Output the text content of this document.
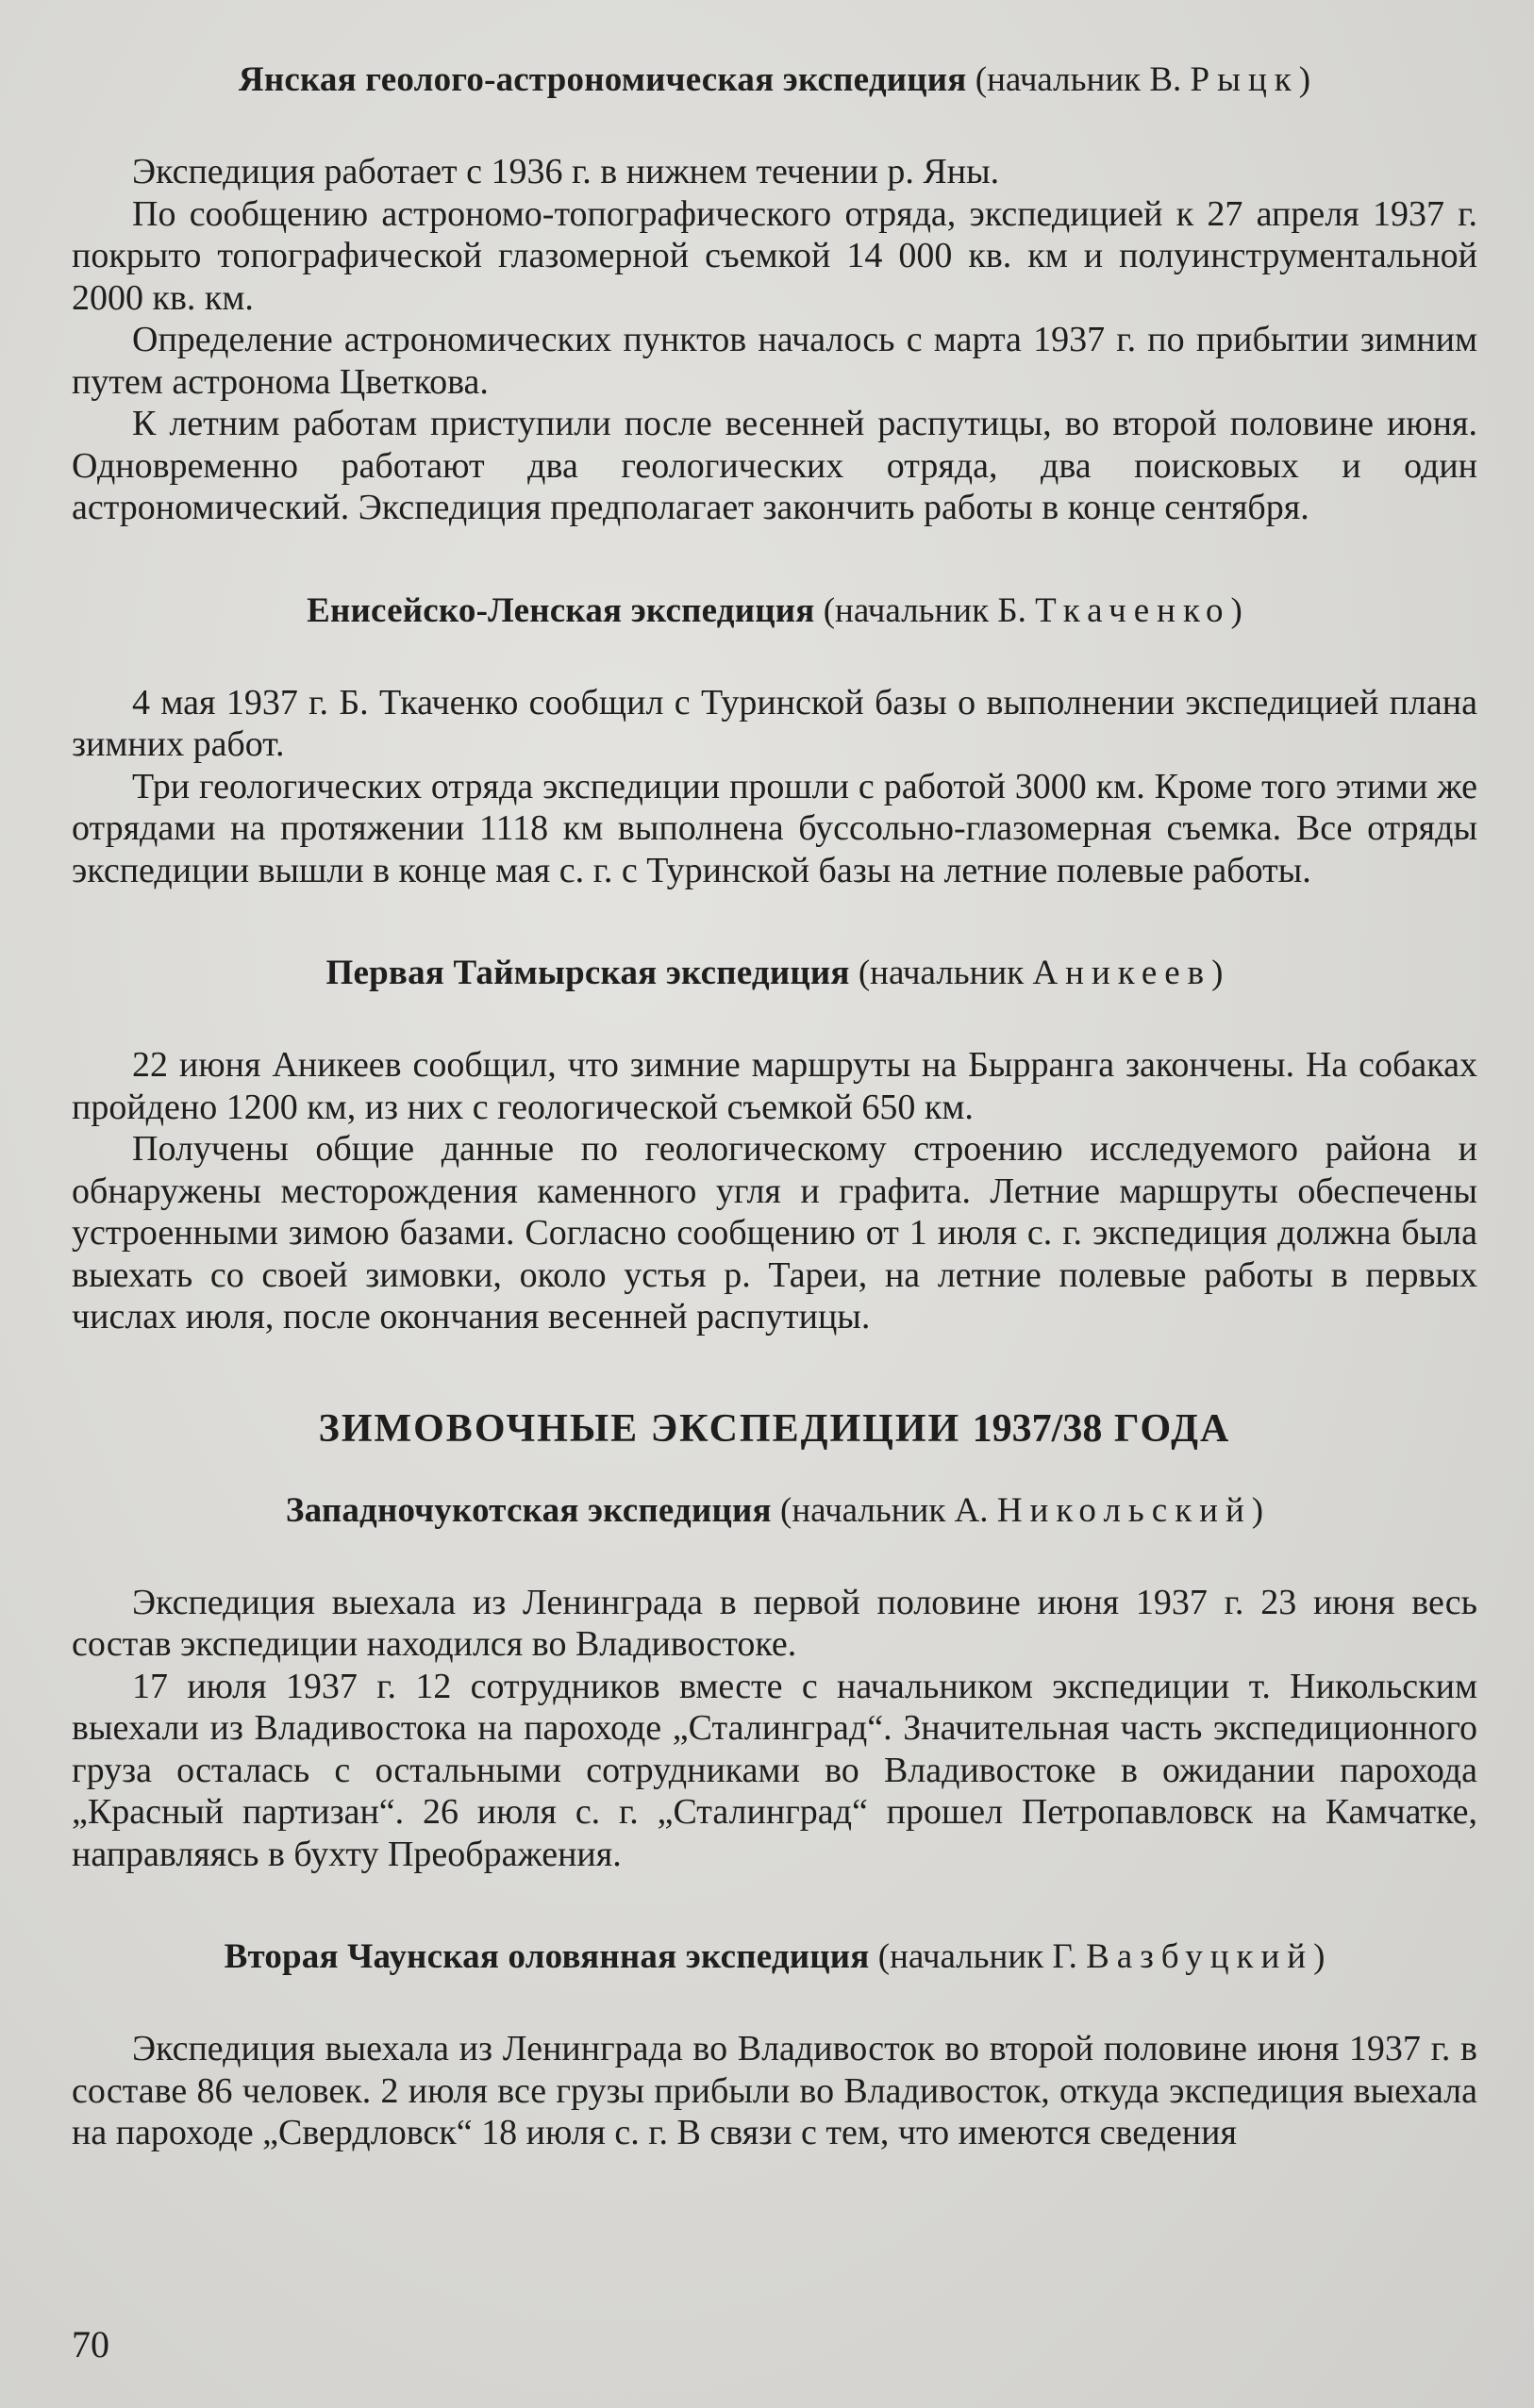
Янская геолого-астрономическая экспедиция (начальник В. Рыцк)

Экспедиция работает с 1936 г. в нижнем течении р. Яны.

По сообщению астрономо-топографического отряда, экспедицией к 27 апреля 1937 г. покрыто топографической глазомерной съемкой 14 000 кв. км и полуинструментальной 2000 кв. км.

Определение астрономических пунктов началось с марта 1937 г. по прибытии зимним путем астронома Цветкова.

К летним работам приступили после весенней распутицы, во второй половине июня. Одновременно работают два геологических отряда, два поисковых и один астрономический. Экспедиция предполагает закончить работы в конце сентября.

Енисейско-Ленская экспедиция (начальник Б. Ткаченко)

4 мая 1937 г. Б. Ткаченко сообщил с Туринской базы о выполнении экспедицией плана зимних работ.

Три геологических отряда экспедиции прошли с работой 3000 км. Кроме того этими же отрядами на протяжении 1118 км выполнена буссольно-глазомерная съемка. Все отряды экспедиции вышли в конце мая с. г. с Туринской базы на летние полевые работы.

Первая Таймырская экспедиция (начальник Аникеев)

22 июня Аникеев сообщил, что зимние маршруты на Бырранга закончены. На собаках пройдено 1200 км, из них с геологической съемкой 650 км.

Получены общие данные по геологическому строению исследуемого района и обнаружены месторождения каменного угля и графита. Летние маршруты обеспечены устроенными зимою базами. Согласно сообщению от 1 июля с. г. экспедиция должна была выехать со своей зимовки, около устья р. Тареи, на летние полевые работы в первых числах июля, после окончания весенней распутицы.

ЗИМОВОЧНЫЕ ЭКСПЕДИЦИИ 1937/38 ГОДА
Западночукотская экспедиция (начальник А. Никольский)

Экспедиция выехала из Ленинграда в первой половине июня 1937 г. 23 июня весь состав экспедиции находился во Владивостоке.

17 июля 1937 г. 12 сотрудников вместе с начальником экспедиции т. Никольским выехали из Владивостока на пароходе „Сталинград“. Значительная часть экспедиционного груза осталась с остальными сотрудниками во Владивостоке в ожидании парохода „Красный партизан“. 26 июля с. г. „Сталинград“ прошел Петропавловск на Камчатке, направляясь в бухту Преображения.

Вторая Чаунская оловянная экспедиция (начальник Г. Вазбуцкий)

Экспедиция выехала из Ленинграда во Владивосток во второй половине июня 1937 г. в составе 86 человек. 2 июля все грузы прибыли во Владивосток, откуда экспедиция выехала на пароходе „Свердловск“ 18 июля с. г. В связи с тем, что имеются сведения

70
